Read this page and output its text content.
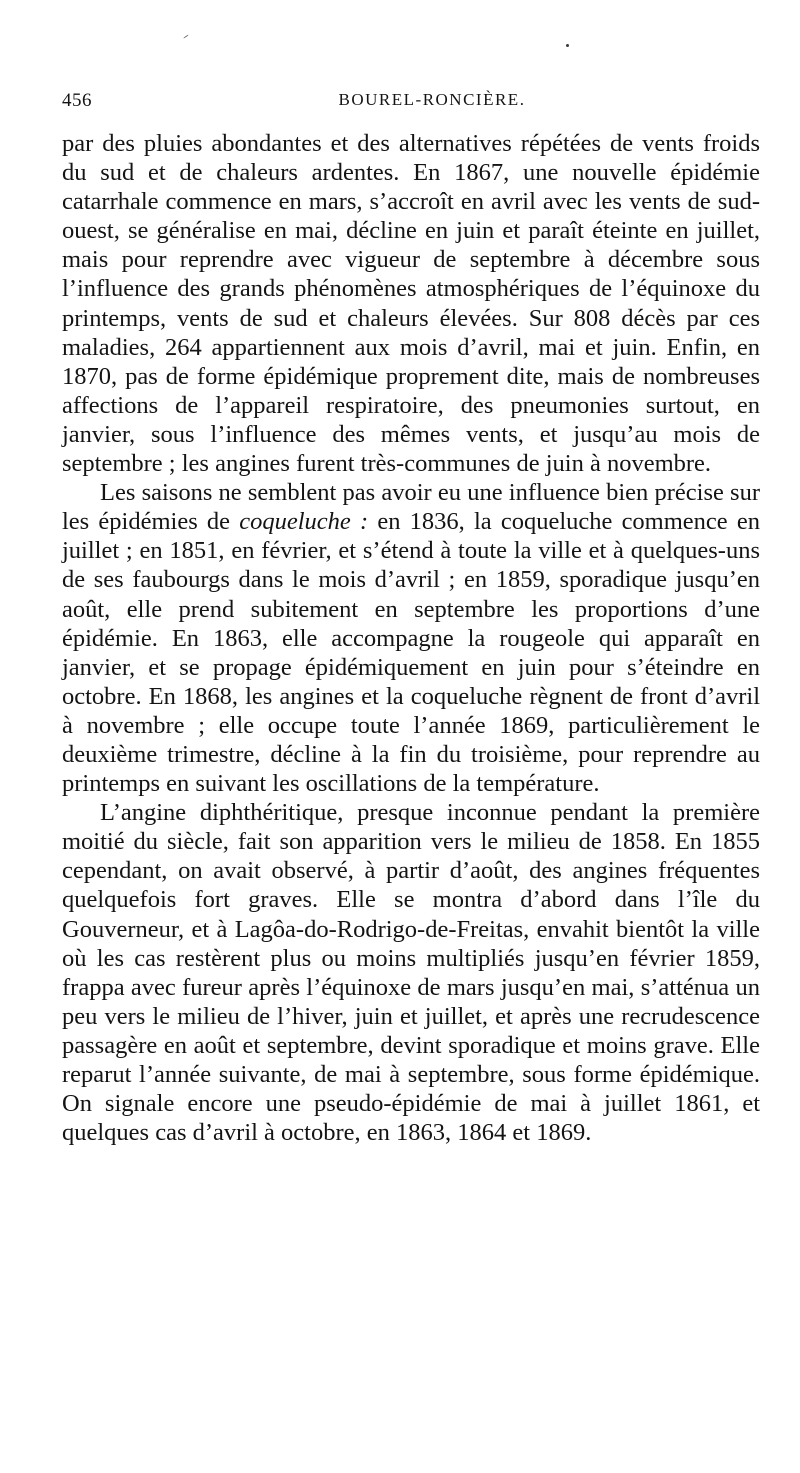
456	BOUREL-RONCIÈRE.

par des pluies abondantes et des alternatives répétées de vents froids du sud et de chaleurs ardentes. En 1867, une nouvelle épidémie catarrhale commence en mars, s’accroît en avril avec les vents de sud-ouest, se généralise en mai, décline en juin et paraît éteinte en juillet, mais pour reprendre avec vigueur de septembre à décembre sous l’influence des grands phénomènes atmosphériques de l’équinoxe du printemps, vents de sud et chaleurs élevées. Sur 808 décès par ces maladies, 264 appartiennent aux mois d’avril, mai et juin. Enfin, en 1870, pas de forme épidémique proprement dite, mais de nombreuses affections de l’appareil respiratoire, des pneumonies surtout, en janvier, sous l’influence des mêmes vents, et jusqu’au mois de septembre ; les angines furent très-communes de juin à novembre.

Les saisons ne semblent pas avoir eu une influence bien précise sur les épidémies de coqueluche : en 1836, la coqueluche commence en juillet ; en 1851, en février, et s’étend à toute la ville et à quelques-uns de ses faubourgs dans le mois d’avril ; en 1859, sporadique jusqu’en août, elle prend subitement en septembre les proportions d’une épidémie. En 1863, elle accompagne la rougeole qui apparaît en janvier, et se propage épidémiquement en juin pour s’éteindre en octobre. En 1868, les angines et la coqueluche règnent de front d’avril à novembre ; elle occupe toute l’année 1869, particulièrement le deuxième trimestre, décline à la fin du troisième, pour reprendre au printemps en suivant les oscillations de la température.

L’angine diphthéritique, presque inconnue pendant la première moitié du siècle, fait son apparition vers le milieu de 1858. En 1855 cependant, on avait observé, à partir d’août, des angines fréquentes quelquefois fort graves. Elle se montra d’abord dans l’île du Gouverneur, et à Lagôa-do-Rodrigo-de-Freitas, envahit bientôt la ville où les cas restèrent plus ou moins multipliés jusqu’en février 1859, frappa avec fureur après l’équinoxe de mars jusqu’en mai, s’atténua un peu vers le milieu de l’hiver, juin et juillet, et après une recrudescence passagère en août et septembre, devint sporadique et moins grave. Elle reparut l’année suivante, de mai à septembre, sous forme épidémique. On signale encore une pseudo-épidémie de mai à juillet 1861, et quelques cas d’avril à octobre, en 1863, 1864 et 1869.
